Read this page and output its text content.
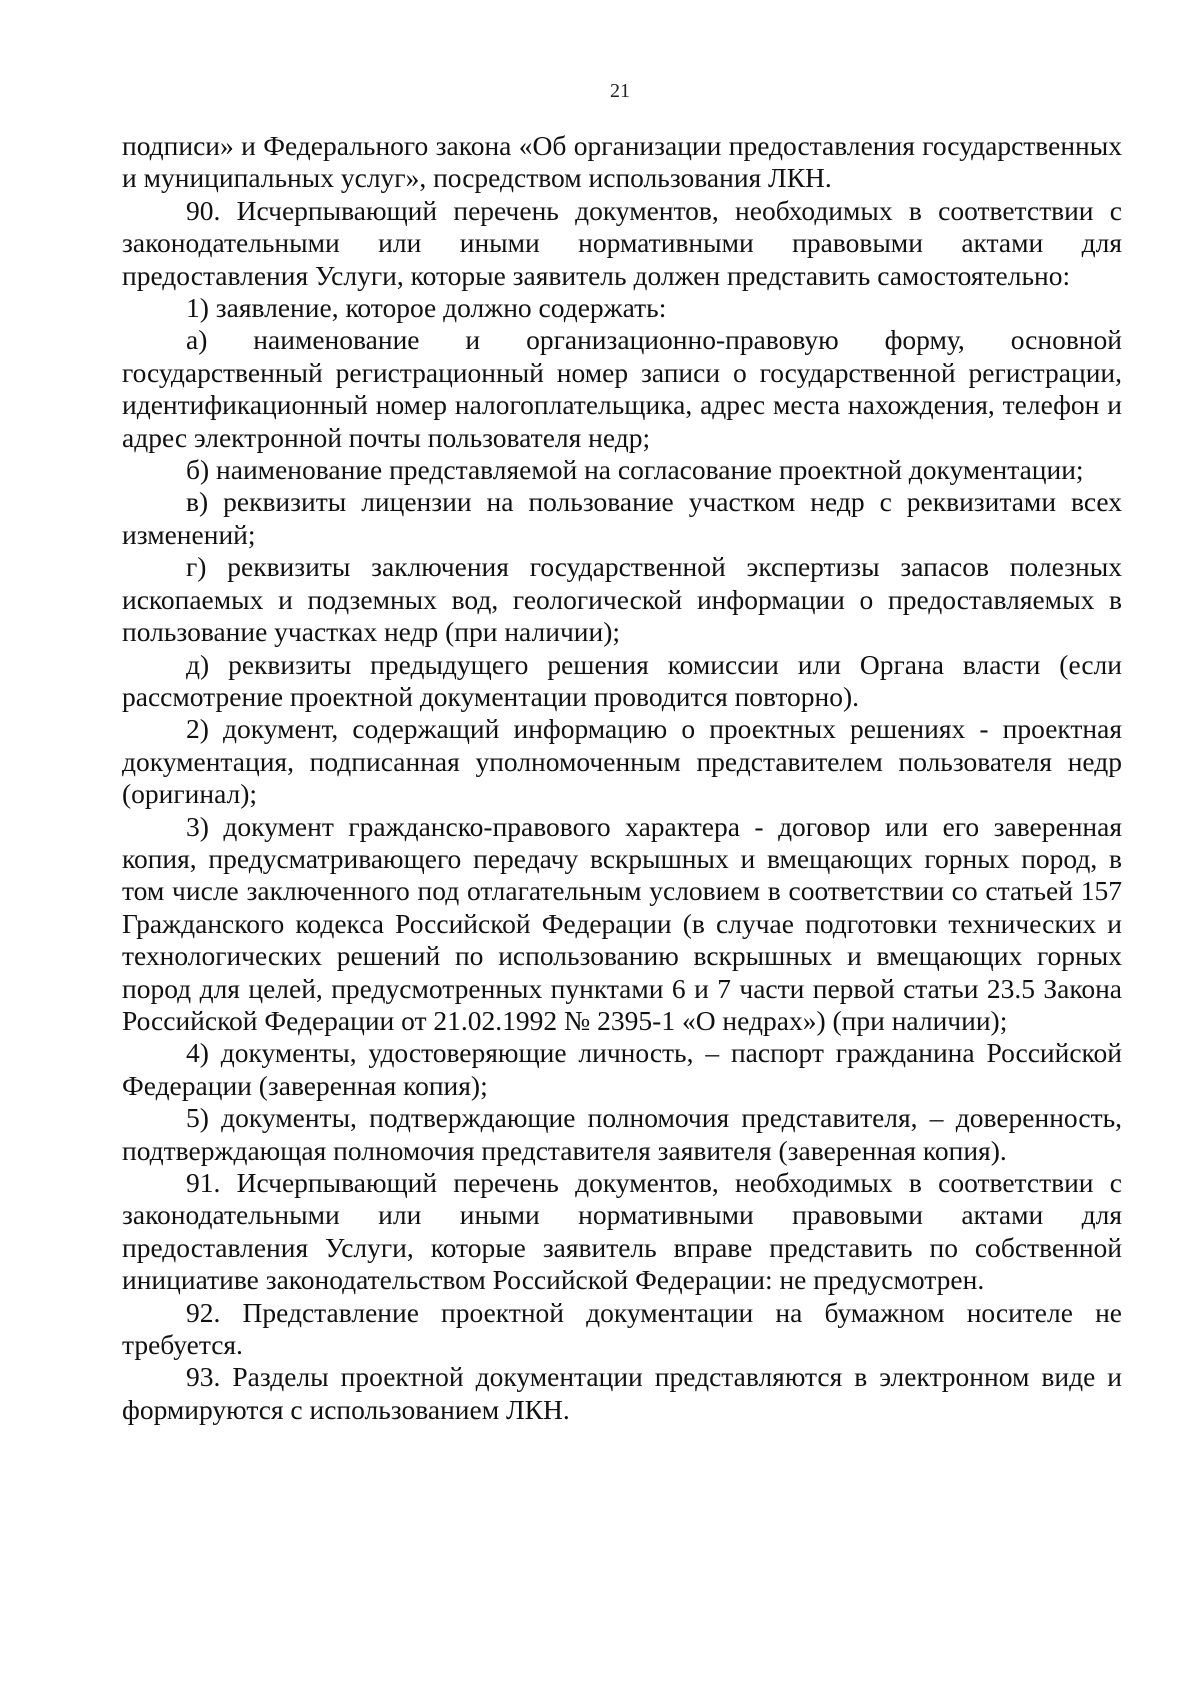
21

подписи» и Федерального закона «Об организации предоставления государственных и муниципальных услуг», посредством использования ЛКН.

90. Исчерпывающий перечень документов, необходимых в соответствии с законодательными или иными нормативными правовыми актами для предоставления Услуги, которые заявитель должен представить самостоятельно:

1) заявление, которое должно содержать:

а) наименование и организационно-правовую форму, основной государственный регистрационный номер записи о государственной регистрации, идентификационный номер налогоплательщика, адрес места нахождения, телефон и адрес электронной почты пользователя недр;

б) наименование представляемой на согласование проектной документации;

в) реквизиты лицензии на пользование участком недр с реквизитами всех изменений;

г) реквизиты заключения государственной экспертизы запасов полезных ископаемых и подземных вод, геологической информации о предоставляемых в пользование участках недр (при наличии);

д) реквизиты предыдущего решения комиссии или Органа власти (если рассмотрение проектной документации проводится повторно).

2) документ, содержащий информацию о проектных решениях - проектная документация, подписанная уполномоченным представителем пользователя недр (оригинал);

3) документ гражданско-правового характера - договор или его заверенная копия, предусматривающего передачу вскрышных и вмещающих горных пород, в том числе заключенного под отлагательным условием в соответствии со статьей 157 Гражданского кодекса Российской Федерации (в случае подготовки технических и технологических решений по использованию вскрышных и вмещающих горных пород для целей, предусмотренных пунктами 6 и 7 части первой статьи 23.5 Закона Российской Федерации от 21.02.1992 № 2395-1 «О недрах») (при наличии);

4) документы, удостоверяющие личность, – паспорт гражданина Российской Федерации (заверенная копия);

5) документы, подтверждающие полномочия представителя, – доверенность, подтверждающая полномочия представителя заявителя (заверенная копия).

91. Исчерпывающий перечень документов, необходимых в соответствии с законодательными или иными нормативными правовыми актами для предоставления Услуги, которые заявитель вправе представить по собственной инициативе законодательством Российской Федерации: не предусмотрен.

92. Представление проектной документации на бумажном носителе не требуется.

93. Разделы проектной документации представляются в электронном виде и формируются с использованием ЛКН.
